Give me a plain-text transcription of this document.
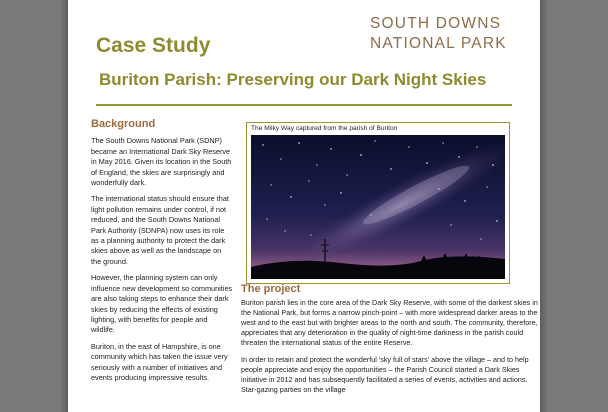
Case Study
SOUTH DOWNS
NATIONAL PARK
Buriton Parish: Preserving our Dark Night Skies
Background

The South Downs National Park (SDNP) became an International Dark Sky Reserve in May 2016. Given its location in the South of England, the skies are surprisingly and wonderfully dark.

The international status should ensure that light pollution remains under control, if not reduced, and the South Downs National Park Authority (SDNPA) now uses its role as a planning authority to protect the dark skies above as well as the landscape on the ground.

However, the planning system can only influence new development so communities are also taking steps to enhance their dark skies by reducing the effects of existing lighting, with benefits for people and wildlife.

Buriton, in the east of Hampshire, is one community which has taken the issue very seriously with a number of initiatives and events producing impressive results.

The Milky Way captured from the parish of Buriton
The project

Buriton parish lies in the core area of the Dark Sky Reserve, with some of the darkest skies in the National Park, but forms a narrow pinch-point – with more widespread darker areas to the west and to the east but with brighter areas to the north and south. The community, therefore, appreciates that any deterioration in the quality of night-time darkness in the parish could threaten the international status of the entire Reserve.

In order to retain and protect the wonderful 'sky full of stars' above the village – and to help people appreciate and enjoy the opportunities – the Parish Council started a Dark Skies initiative in 2012 and has subsequently facilitated a series of events, activities and actions. Star-gazing parties on the village
